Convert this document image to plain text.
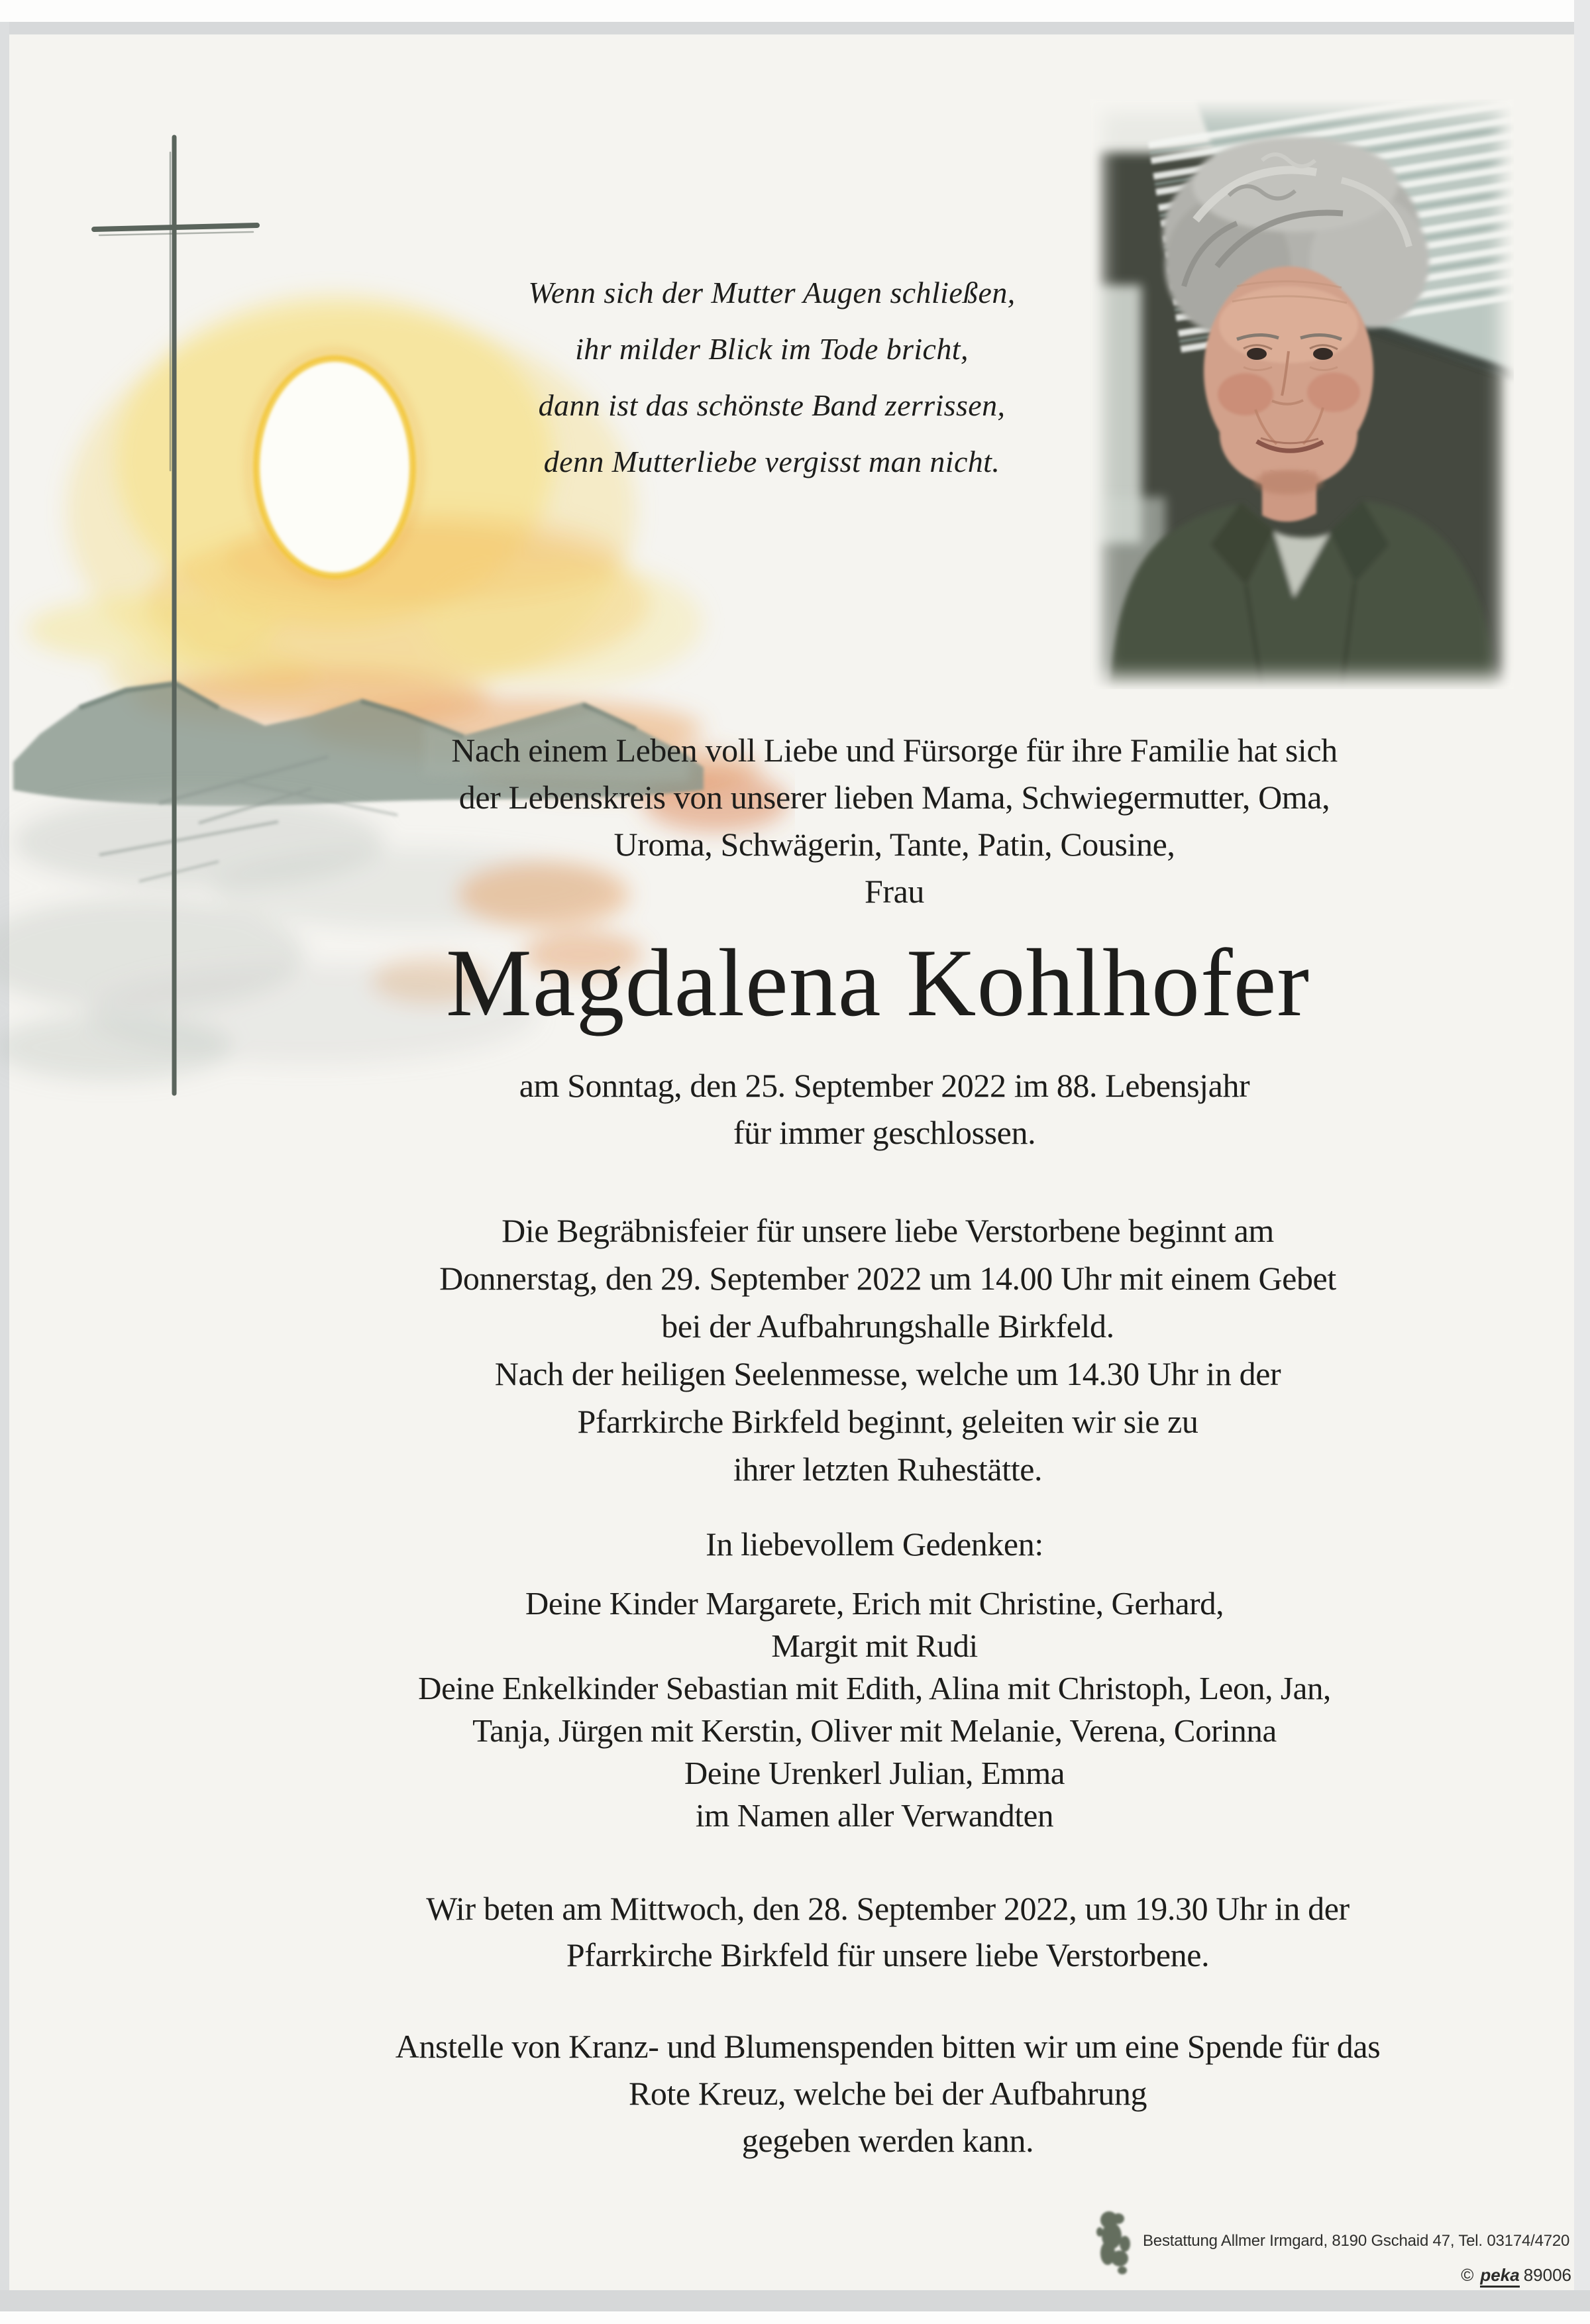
Wenn sich der Mutter Augen schließen,
ihr milder Blick im Tode bricht,
dann ist das schönste Band zerrissen,
denn Mutterliebe vergisst man nicht.
Nach einem Leben voll Liebe und Fürsorge für ihre Familie hat sich
der Lebenskreis von unserer lieben Mama, Schwiegermutter, Oma,
Uroma, Schwägerin, Tante, Patin, Cousine,
Frau
Magdalena Kohlhofer
am Sonntag, den 25. September 2022 im 88. Lebensjahr
für immer geschlossen.
Die Begräbnisfeier für unsere liebe Verstorbene beginnt am
Donnerstag, den 29. September 2022 um 14.00 Uhr mit einem Gebet
bei der Aufbahrungshalle Birkfeld.
Nach der heiligen Seelenmesse, welche um 14.30 Uhr in der
Pfarrkirche Birkfeld beginnt, geleiten wir sie zu
ihrer letzten Ruhestätte.
In liebevollem Gedenken:
Deine Kinder Margarete, Erich mit Christine, Gerhard,
Margit mit Rudi
Deine Enkelkinder Sebastian mit Edith, Alina mit Christoph, Leon, Jan,
Tanja, Jürgen mit Kerstin, Oliver mit Melanie, Verena, Corinna
Deine Urenkerl Julian, Emma
im Namen aller Verwandten
Wir beten am Mittwoch, den 28. September 2022, um 19.30 Uhr in der
Pfarrkirche Birkfeld für unsere liebe Verstorbene.
Anstelle von Kranz- und Blumenspenden bitten wir um eine Spende für das
Rote Kreuz, welche bei der Aufbahrung
gegeben werden kann.
Bestattung Allmer Irmgard, 8190 Gschaid 47, Tel. 03174/4720
© peka 89006
